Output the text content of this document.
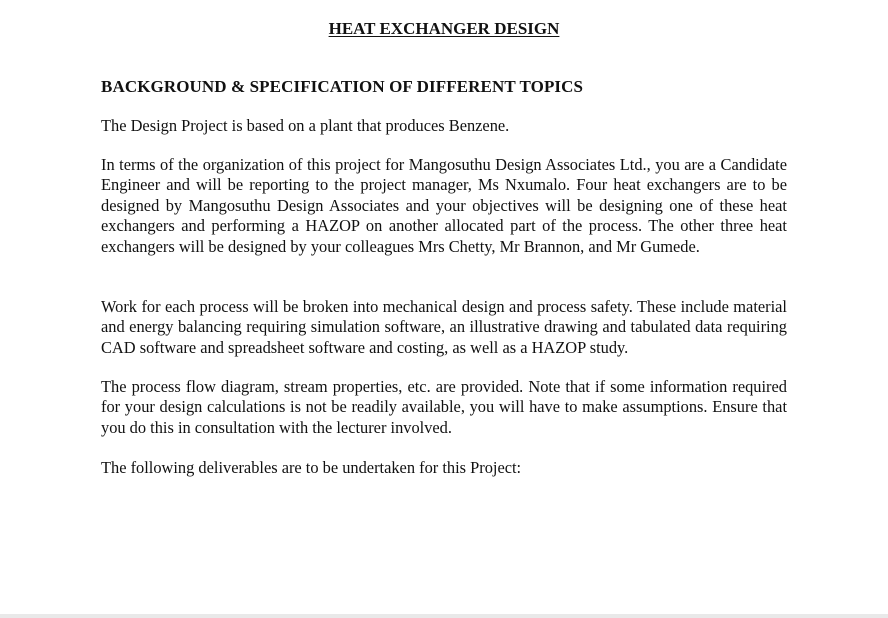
HEAT EXCHANGER DESIGN
BACKGROUND & SPECIFICATION OF DIFFERENT TOPICS

The Design Project is based on a plant that produces Benzene.

In terms of the organization of this project for Mangosuthu Design Associates Ltd., you are a Candidate Engineer and will be reporting to the project manager, Ms Nxumalo. Four heat exchangers are to be designed by Mangosuthu Design Associates and your objectives will be designing one of these heat exchangers and performing a HAZOP on another allocated part of the process. The other three heat exchangers will be designed by your colleagues Mrs Chetty, Mr Brannon, and Mr Gumede.

Work for each process will be broken into mechanical design and process safety. These include material and energy balancing requiring simulation software, an illustrative drawing and tabulated data requiring CAD software and spreadsheet software and costing, as well as a HAZOP study.

The process flow diagram, stream properties, etc. are provided. Note that if some information required for your design calculations is not be readily available, you will have to make assumptions. Ensure that you do this in consultation with the lecturer involved.

The following deliverables are to be undertaken for this Project:
